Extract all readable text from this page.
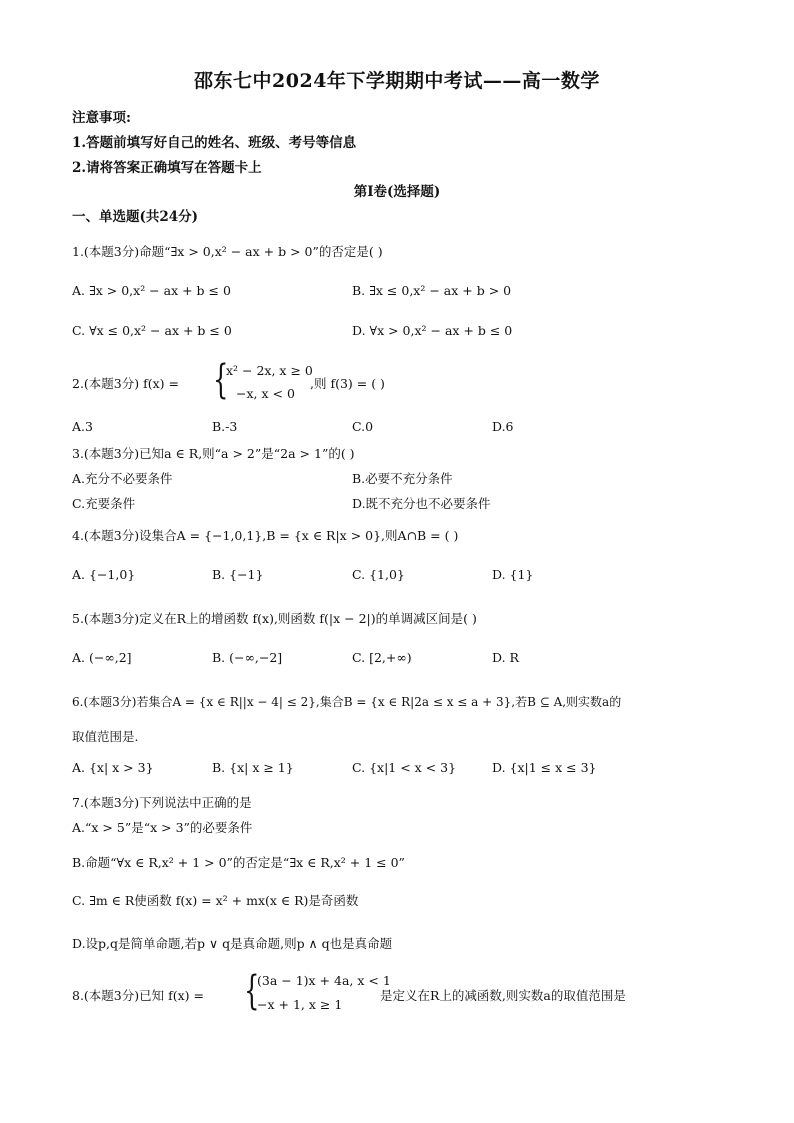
邵东七中2024年下学期期中考试——高一数学
注意事项:
1.答题前填写好自己的姓名、班级、考号等信息
2.请将答案正确填写在答题卡上
第Ⅰ卷(选择题)
一、单选题(共24分)
1.(本题3分)命题“∃x > 0,x² − ax + b > 0”的否定是( )
A. ∃x > 0,x² − ax + b ≤ 0	B. ∃x ≤ 0,x² − ax + b > 0
C. ∀x ≤ 0,x² − ax + b ≤ 0	D. ∀x > 0,x² − ax + b ≤ 0
2.(本题3分) f(x) = {
x² − 2x, x ≥ 0
−x, x < 0
,则 f(3) = ( )
A.3	B.-3	C.0	D.6
3.(本题3分)已知a ∈ R,则“a > 2”是“2a > 1”的( )
A.充分不必要条件	B.必要不充分条件
C.充要条件	D.既不充分也不必要条件
4.(本题3分)设集合A = {−1,0,1},B = {x ∈ R|x > 0},则A∩B = ( )
A. {−1,0}	B. {−1}	C. {1,0}	D. {1}
5.(本题3分)定义在R上的增函数 f(x),则函数 f(|x − 2|)的单调减区间是( )
A. (−∞,2]	B. (−∞,−2]	C. [2,+∞)	D. R
6.(本题3分)若集合A = {x ∈ R||x − 4| ≤ 2},集合B = {x ∈ R|2a ≤ x ≤ a + 3},若B ⊆ A,则实数a的
取值范围是.
A. {x| x > 3}	B. {x| x ≥ 1}	C. {x|1 < x < 3}	D. {x|1 ≤ x ≤ 3}
7.(本题3分)下列说法中正确的是
A.“x > 5”是“x > 3”的必要条件
B.命题“∀x ∈ R,x² + 1 > 0”的否定是“∃x ∈ R,x² + 1 ≤ 0”
C. ∃m ∈ R使函数 f(x) = x² + mx(x ∈ R)是奇函数
D.设p,q是简单命题,若p ∨ q是真命题,则p ∧ q也是真命题
8.(本题3分)已知 f(x) = {
(3a − 1)x + 4a, x < 1
−x + 1, x ≥ 1
是定义在R上的减函数,则实数a的取值范围是
